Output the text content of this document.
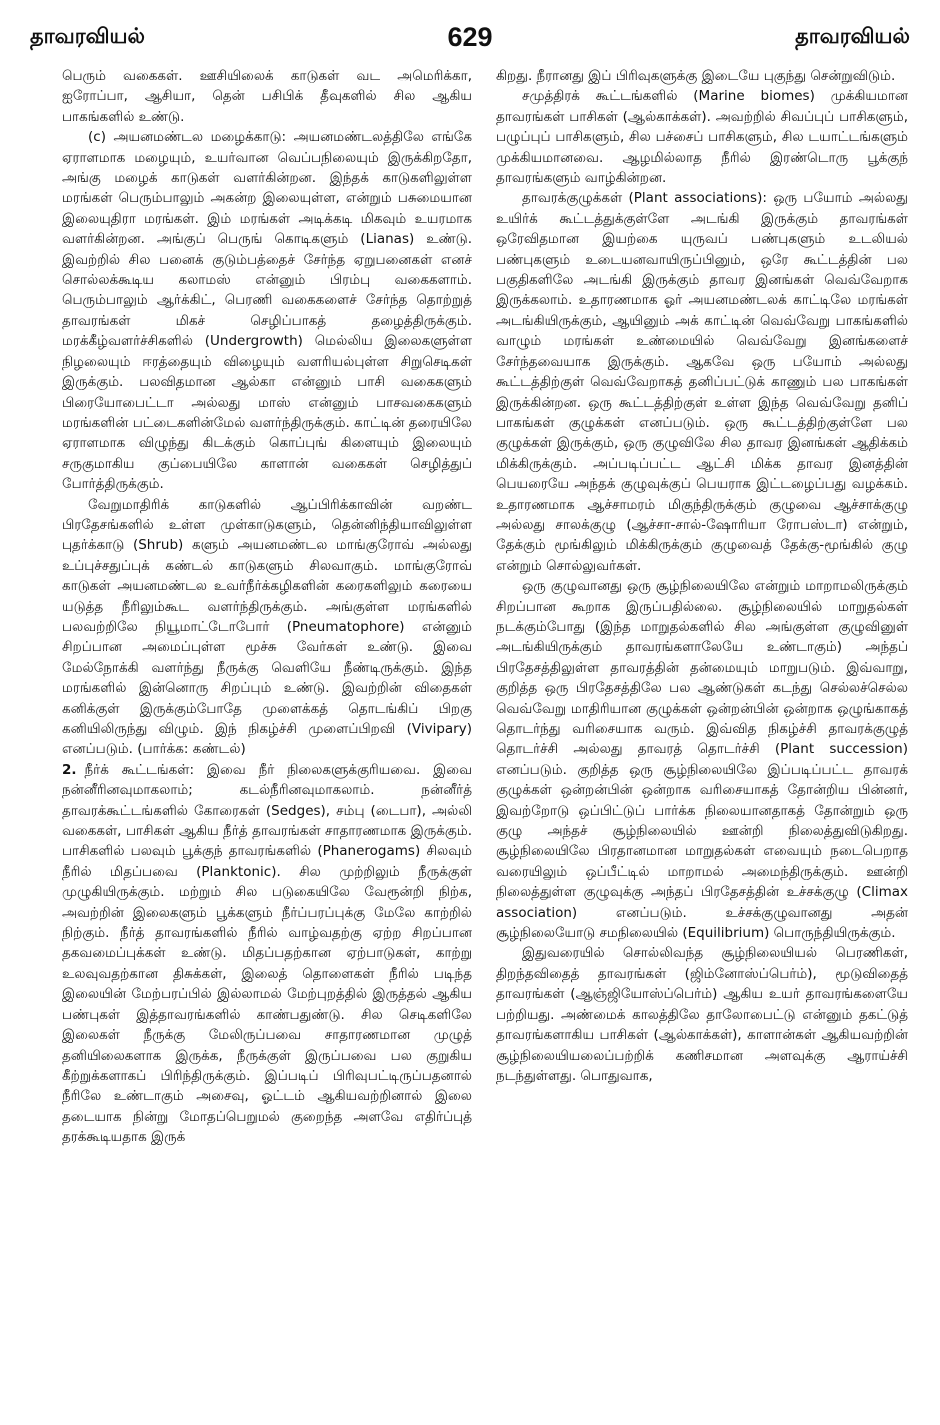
தாவரவியல்	629	தாவரவியல்

பெரும் வகைகள். ஊசியிலைக் காடுகள் வட அமெரிக்கா, ஐரோப்பா, ஆசியா, தென் பசிபிக் தீவுகளில் சில ஆகிய பாகங்களில் உண்டு.

(c) அயனமண்டல மழைக்காடு: அயனமண்டலத்திலே எங்கே ஏராளமாக மழையும், உயர்வான வெப்பநிலையும் இருக்கிறதோ, அங்கு மழைக் காடுகள் வளர்கின்றன. இந்தக் காடுகளிலுள்ள மரங்கள் பெரும்பாலும் அகன்ற இலையுள்ள, என்றும் பசுமையான இலையுதிரா மரங்கள். இம் மரங்கள் அடிக்கடி மிகவும் உயரமாக வளர்கின்றன. அங்குப் பெருங் கொடிகளும் (Lianas) உண்டு. இவற்றில் சில பனைக் குடும்பத்தைச் சேர்ந்த ஏறுபனைகள் எனச் சொல்லக்கூடிய கலாமஸ் என்னும் பிரம்பு வகைகளாம். பெரும்பாலும் ஆர்க்கிட், பெரணி வகைகளைச் சேர்ந்த தொற்றுத் தாவரங்கள் மிகச் செழிப்பாகத் தழைத்திருக்கும். மரக்கீழ்வளர்ச்சிகளில் (Undergrowth) மெல்லிய இலைகளுள்ள நிழலையும் ஈரத்தையும் விழையும் வளரியல்புள்ள சிறுசெடிகள் இருக்கும். பலவிதமான ஆல்கா என்னும் பாசி வகைகளும் பிரையோபைட்டா அல்லது மாஸ் என்னும் பாசவகைகளும் மரங்களின் பட்டைகளின்மேல் வளர்ந்திருக்கும். காட்டின் தரையிலே ஏராளமாக விழுந்து கிடக்கும் கொப்புங் கிளையும் இலையும் சருகுமாகிய குப்பையிலே காளான் வகைகள் செழித்துப் போர்த்திருக்கும்.

வேறுமாதிரிக் காடுகளில் ஆப்பிரிக்காவின் வறண்ட பிரதேசங்களில் உள்ள முள்காடுகளும், தென்னிந்தியாவிலுள்ள புதர்க்காடு (Shrub) களும் அயனமண்டல மாங்குரோவ் அல்லது உப்புச்சதுப்புக் கண்டல் காடுகளும் சிலவாகும். மாங்குரோவ் காடுகள் அயனமண்டல உவர்நீர்க்கழிகளின் கரைகளிலும் கரையை யடுத்த நீரிலும்கூட வளர்ந்திருக்கும். அங்குள்ள மரங்களில் பலவற்றிலே நியூமாட்டோபோர் (Pneumatophore) என்னும் சிறப்பான அமைப்புள்ள மூச்சு வேர்கள் உண்டு. இவை மேல்நோக்கி வளர்ந்து நீருக்கு வெளியே நீண்டிருக்கும். இந்த மரங்களில் இன்னொரு சிறப்பும் உண்டு. இவற்றின் விதைகள் கனிக்குள் இருக்கும்போதே முளைக்கத் தொடங்கிப் பிறகு கனியிலிருந்து விழும். இந் நிகழ்ச்சி முளைப்பிறவி (Vivipary) எனப்படும். (பார்க்க: கண்டல்)

2. நீர்க் கூட்டங்கள்: இவை நீர் நிலைகளுக்குரியவை. இவை நன்னீரினவுமாகலாம்; கடல்நீரினவுமாகலாம். நன்னீர்த் தாவரக்கூட்டங்களில் கோரைகள் (Sedges), சம்பு (டைபா), அல்லி வகைகள், பாசிகள் ஆகிய நீர்த் தாவரங்கள் சாதாரணமாக இருக்கும். பாசிகளில் பலவும் பூக்குந் தாவரங்களில் (Phanerogams) சிலவும் நீரில் மிதப்பவை (Planktonic). சில முற்றிலும் நீருக்குள் முழுகியிருக்கும். மற்றும் சில படுகையிலே வேரூன்றி நிற்க, அவற்றின் இலைகளும் பூக்களும் நீர்ப்பரப்புக்கு மேலே காற்றில் நிற்கும். நீர்த் தாவரங்களில் நீரில் வாழ்வதற்கு ஏற்ற சிறப்பான தகவமைப்புக்கள் உண்டு. மிதப்பதற்கான ஏற்பாடுகள், காற்று உலவுவதற்கான திசுக்கள், இலைத் தொளைகள் நீரில் படிந்த இலையின் மேற்பரப்பில் இல்லாமல் மேற்புறத்தில் இருத்தல் ஆகிய பண்புகள் இத்தாவரங்களில் காண்பதுண்டு. சில செடிகளிலே இலைகள் நீருக்கு மேலிருப்பவை சாதாரணமான முழுத் தனியிலைகளாக இருக்க, நீருக்குள் இருப்பவை பல குறுகிய கீற்றுக்களாகப் பிரிந்திருக்கும். இப்படிப் பிரிவுபட்டிருப்பதனால் நீரிலே உண்டாகும் அசைவு, ஓட்டம் ஆகியவற்றினால் இலை தடையாக நின்று மோதப்பெறுமல் குறைந்த அளவே எதிர்ப்புத் தரக்கூடியதாக இருக்

கிறது. நீரானது இப் பிரிவுகளுக்கு இடையே புகுந்து சென்றுவிடும்.

சமுத்திரக் கூட்டங்களில் (Marine biomes) முக்கியமான தாவரங்கள் பாசிகள் (ஆல்காக்கள்). அவற்றில் சிவப்புப் பாசிகளும், பழுப்புப் பாசிகளும், சில பச்சைப் பாசிகளும், சில டயாட்டங்களும் முக்கியமானவை. ஆழமில்லாத நீரில் இரண்டொரு பூக்குந் தாவரங்களும் வாழ்கின்றன.

தாவரக்குழுக்கள் (Plant associations): ஒரு பயோம் அல்லது உயிர்க் கூட்டத்துக்குள்ளே அடங்கி இருக்கும் தாவரங்கள் ஒரேவிதமான இயற்கை யுருவப் பண்புகளும் உடலியல் பண்புகளும் உடையனவாயிருப்பினும், ஒரே கூட்டத்தின் பல பகுதிகளிலே அடங்கி இருக்கும் தாவர இனங்கள் வெவ்வேறாக இருக்கலாம். உதாரணமாக ஓர் அயனமண்டலக் காட்டிலே மரங்கள் அடங்கியிருக்கும், ஆயினும் அக் காட்டின் வெவ்வேறு பாகங்களில் வாழும் மரங்கள் உண்மையில் வெவ்வேறு இனங்களைச் சேர்ந்தவையாக இருக்கும். ஆகவே ஒரு பயோம் அல்லது கூட்டத்திற்குள் வெவ்வேறாகத் தனிப்பட்டுக் காணும் பல பாகங்கள் இருக்கின்றன. ஒரு கூட்டத்திற்குள் உள்ள இந்த வெவ்வேறு தனிப் பாகங்கள் குழுக்கள் எனப்படும். ஒரு கூட்டத்திற்குள்ளே பல குழுக்கள் இருக்கும், ஒரு குழுவிலே சில தாவர இனங்கள் ஆதிக்கம் மிக்கிருக்கும். அப்படிப்பட்ட ஆட்சி மிக்க தாவர இனத்தின் பெயரையே அந்தக் குழுவுக்குப் பெயராக இட்டழைப்பது வழக்கம். உதாரணமாக ஆச்சாமரம் மிகுந்திருக்கும் குழுவை ஆச்சாக்குழு அல்லது சாலக்குழு (ஆச்சா-சால்-ஷோரியா ரோபஸ்டா) என்றும், தேக்கும் மூங்கிலும் மிக்கிருக்கும் குழுவைத் தேக்கு-மூங்கில் குழு என்றும் சொல்லுவர்கள்.

ஒரு குழுவானது ஒரு சூழ்நிலையிலே என்றும் மாறாமலிருக்கும் சிறப்பான கூறாக இருப்பதில்லை. சூழ்நிலையில் மாறுதல்கள் நடக்கும்போது (இந்த மாறுதல்களில் சில அங்குள்ள குழுவினுள் அடங்கியிருக்கும் தாவரங்களாலேயே உண்டாகும்) அந்தப் பிரதேசத்திலுள்ள தாவரத்தின் தன்மையும் மாறுபடும். இவ்வாறு, குறித்த ஒரு பிரதேசத்திலே பல ஆண்டுகள் கடந்து செல்லச்செல்ல வெவ்வேறு மாதிரியான குழுக்கள் ஒன்றன்பின் ஒன்றாக ஒழுங்காகத் தொடர்ந்து வரிசையாக வரும். இவ்வித நிகழ்ச்சி தாவரக்குழுத் தொடர்ச்சி அல்லது தாவரத் தொடர்ச்சி (Plant succession) எனப்படும். குறித்த ஒரு சூழ்நிலையிலே இப்படிப்பட்ட தாவரக் குழுக்கள் ஒன்றன்பின் ஒன்றாக வரிசையாகத் தோன்றிய பின்னர், இவற்றோடு ஒப்பிட்டுப் பார்க்க நிலையானதாகத் தோன்றும் ஒரு குழு அந்தச் சூழ்நிலையில் ஊன்றி நிலைத்துவிடுகிறது. சூழ்நிலையிலே பிரதானமான மாறுதல்கள் எவையும் நடைபெறாத வரையிலும் ஒப்பீட்டில் மாறாமல் அமைந்திருக்கும். ஊன்றி நிலைத்துள்ள குழுவுக்கு அந்தப் பிரதேசத்தின் உச்சக்குழு (Climax association) எனப்படும். உச்சக்குழுவானது அதன் சூழ்நிலையோடு சமநிலையில் (Equilibrium) பொருந்தியிருக்கும்.

இதுவரையில் சொல்லிவந்த சூழ்நிலையியல் பெரணிகள், திறந்தவிதைத் தாவரங்கள் (ஜிம்னோஸ்ப்பெர்ம்), மூடுவிதைத் தாவரங்கள் (ஆஞ்ஜியோஸ்ப்பெர்ம்) ஆகிய உயர் தாவரங்களையே பற்றியது. அண்மைக் காலத்திலே தாலோபைட்டு என்னும் தகட்டுத் தாவரங்களாகிய பாசிகள் (ஆல்காக்கள்), காளான்கள் ஆகியவற்றின் சூழ்நிலையியலைப்பற்றிக் கணிசமான அளவுக்கு ஆராய்ச்சி நடந்துள்ளது. பொதுவாக,
